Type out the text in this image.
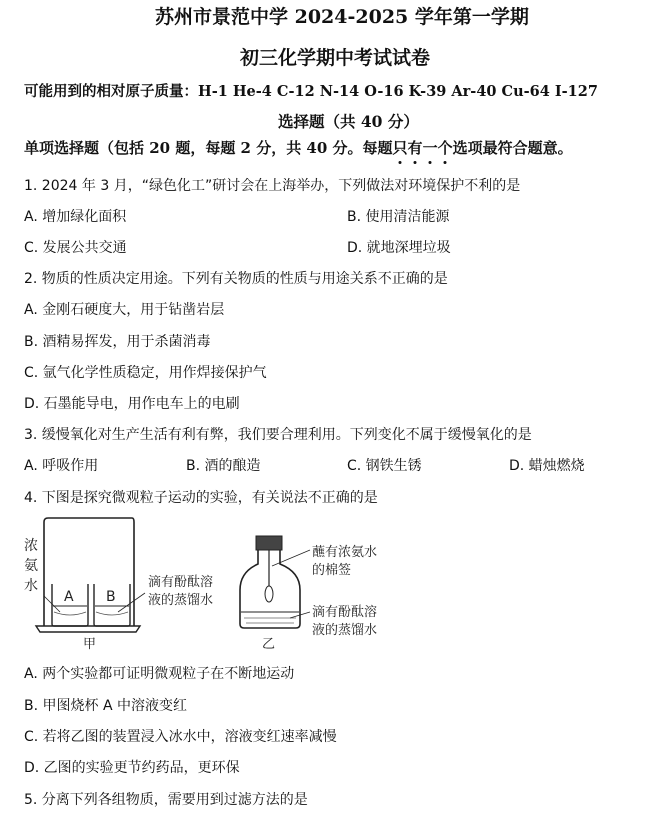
苏州市景范中学 2024-2025 学年第一学期
初三化学期中考试试卷
可能用到的相对原子质量：H-1 He-4 C-12 N-14 O-16 K-39 Ar-40 Cu-64 I-127
选择题（共 40 分）
单项选择题（包括 20 题，每题 2 分，共 40 分。每题只
有
一
个
选项最符合题意。
1. 2024 年 3 月，“绿色化工”研讨会在上海举办，下列做法对环境保护不利的是
A. 增加绿化面积	B. 使用清洁能源
C. 发展公共交通	D. 就地深埋垃圾
2. 物质的性质决定用途。下列有关物质的性质与用途关系不正确的是
A. 金刚石硬度大，用于钻凿岩层
B. 酒精易挥发，用于杀菌消毒
C. 氩气化学性质稳定，用作焊接保护气
D. 石墨能导电，用作电车上的电刷
3. 缓慢氧化对生产生活有利有弊，我们要合理利用。下列变化不属于缓慢氧化的是
A. 呼吸作用	B. 酒的酿造	C. 钢铁生锈	D. 蜡烛燃烧
4. 下图是探究微观粒子运动的实验，有关说法不正确的是
浓
氨
水
A B
滴有酚酞溶
液的蒸馏水
甲
蘸有浓氨水
的棉签
滴有酚酞溶
液的蒸馏水
乙
A. 两个实验都可证明微观粒子在不断地运动
B. 甲图烧杯 A 中溶液变红
C. 若将乙图的装置浸入冰水中，溶液变红速率减慢
D. 乙图的实验更节约药品，更环保
5. 分离下列各组物质，需要用到过滤方法的是
